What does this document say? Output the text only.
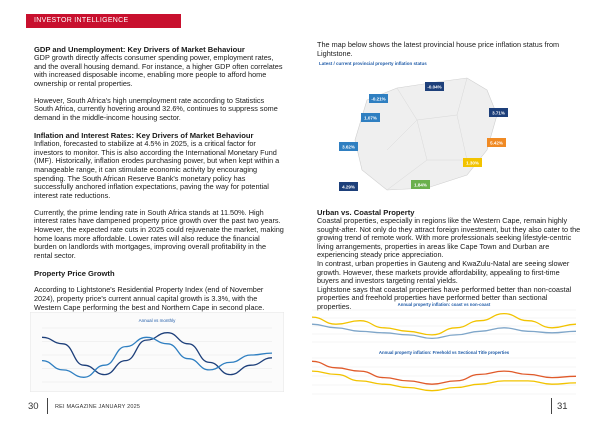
INVESTOR INTELLIGENCE
GDP and Unemployment: Key Drivers of Market Behaviour

GDP growth directly affects consumer spending power, employment rates, and the overall housing demand. For instance, a higher GDP often correlates with increased disposable income, enabling more people to afford home ownership or rental properties.

However, South Africa's high unemployment rate according to Statistics South Africa, currently hovering around 32.6%, continues to suppress some demand in the middle-income housing sector.

Inflation and Interest Rates: Key Drivers of Market Behaviour

Inflation, forecasted to stabilize at 4.5% in 2025, is a critical factor for investors to monitor. This is also according the International Monetary Fund (IMF). Historically, inflation erodes purchasing power, but when kept within a manageable range, it can stimulate economic activity by encouraging spending. The South African Reserve Bank's monetary policy has successfully anchored inflation expectations, paving the way for potential interest rate reductions.

Currently, the prime lending rate in South Africa stands at 11.50%. High interest rates have dampened property price growth over the past two years. However, the expected rate cuts in 2025 could rejuvenate the market, making home loans more affordable. Lower rates will also reduce the financial burden on landlords with mortgages, improving overall profitability in the rental sector.

Property Price Growth

According to Lightstone's Residential Property Index (end of November 2024), property price's current annual capital growth is 3.3%, with the Western Cape performing the best and Northern Cape in second place.

Annual vs monthly
30	REI MAGAZINE JANUARY 2025

The map below shows the latest provincial house price inflation status from Lightstone.

Latest / current provincial property inflation status
-0.04%
-0.21%
1.07%
3.71%
3.62%
5.42%
1.30%
4.29%	1.84%
Urban vs. Coastal Property

Coastal properties, especially in regions like the Western Cape, remain highly sought-after. Not only do they attract foreign investment, but they also cater to the growing trend of remote work. With more professionals seeking lifestyle-centric living arrangements, properties in areas like Cape Town and Durban are experiencing steady price appreciation.

In contrast, urban properties in Gauteng and KwaZulu-Natal are seeing slower growth. However, these markets provide affordability, appealing to first-time buyers and investors targeting rental yields.

Lightstone says that coastal properties have performed better than non-coastal properties and freehold properties have performed better than sectional properties.	Annual property inflation: coast vs non-coast
Annual property inflation: Freehold vs Sectional Title properties
31
